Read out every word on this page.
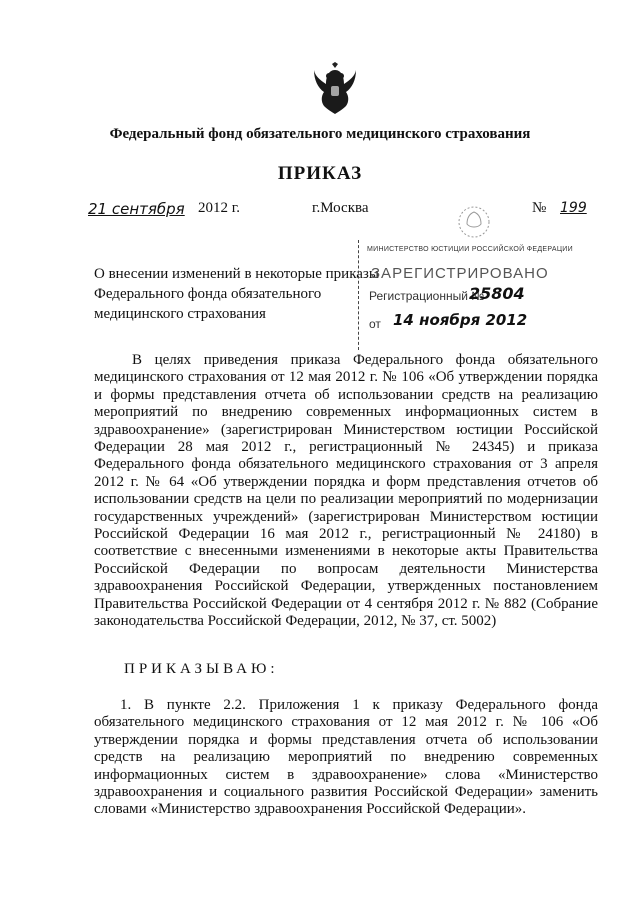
Федеральный фонд обязательного медицинского страхования
ПРИКАЗ
21 сентября 2012 г.	г.Москва	№ 199
О внесении изменений в некоторые приказы Федерального фонда обязательного медицинского страхования
МИНИСТЕРСТВО ЮСТИЦИИ РОССИЙСКОЙ ФЕДЕРАЦИИ
ЗАРЕГИСТРИРОВАНО
Регистрационный №
25804
от 14 ноября 2012

В целях приведения приказа Федерального фонда обязательного медицинского страхования от 12 мая 2012 г. № 106 «Об утверждении порядка и формы представления отчета об использовании средств на реализацию мероприятий по внедрению современных информационных систем в здравоохранение» (зарегистрирован Министерством юстиции Российской Федерации 28 мая 2012 г., регистрационный № 24345) и приказа Федерального фонда обязательного медицинского страхования от 3 апреля 2012 г. № 64 «Об утверждении порядка и форм представления отчетов об использовании средств на цели по реализации мероприятий по модернизации государственных учреждений» (зарегистрирован Министерством юстиции Российской Федерации 16 мая 2012 г., регистрационный № 24180) в соответствие с внесенными изменениями в некоторые акты Правительства Российской Федерации по вопросам деятельности Министерства здравоохранения Российской Федерации, утвержденных постановлением Правительства Российской Федерации от 4 сентября 2012 г. № 882 (Собрание законодательства Российской Федерации, 2012, № 37, ст. 5002)

ПРИКАЗЫВАЮ:

1. В пункте 2.2. Приложения 1 к приказу Федерального фонда обязательного медицинского страхования от 12 мая 2012 г. № 106 «Об утверждении порядка и формы представления отчета об использовании средств на реализацию мероприятий по внедрению современных информационных систем в здравоохранение» слова «Министерство здравоохранения и социального развития Российской Федерации» заменить словами «Министерство здравоохранения Российской Федерации».
